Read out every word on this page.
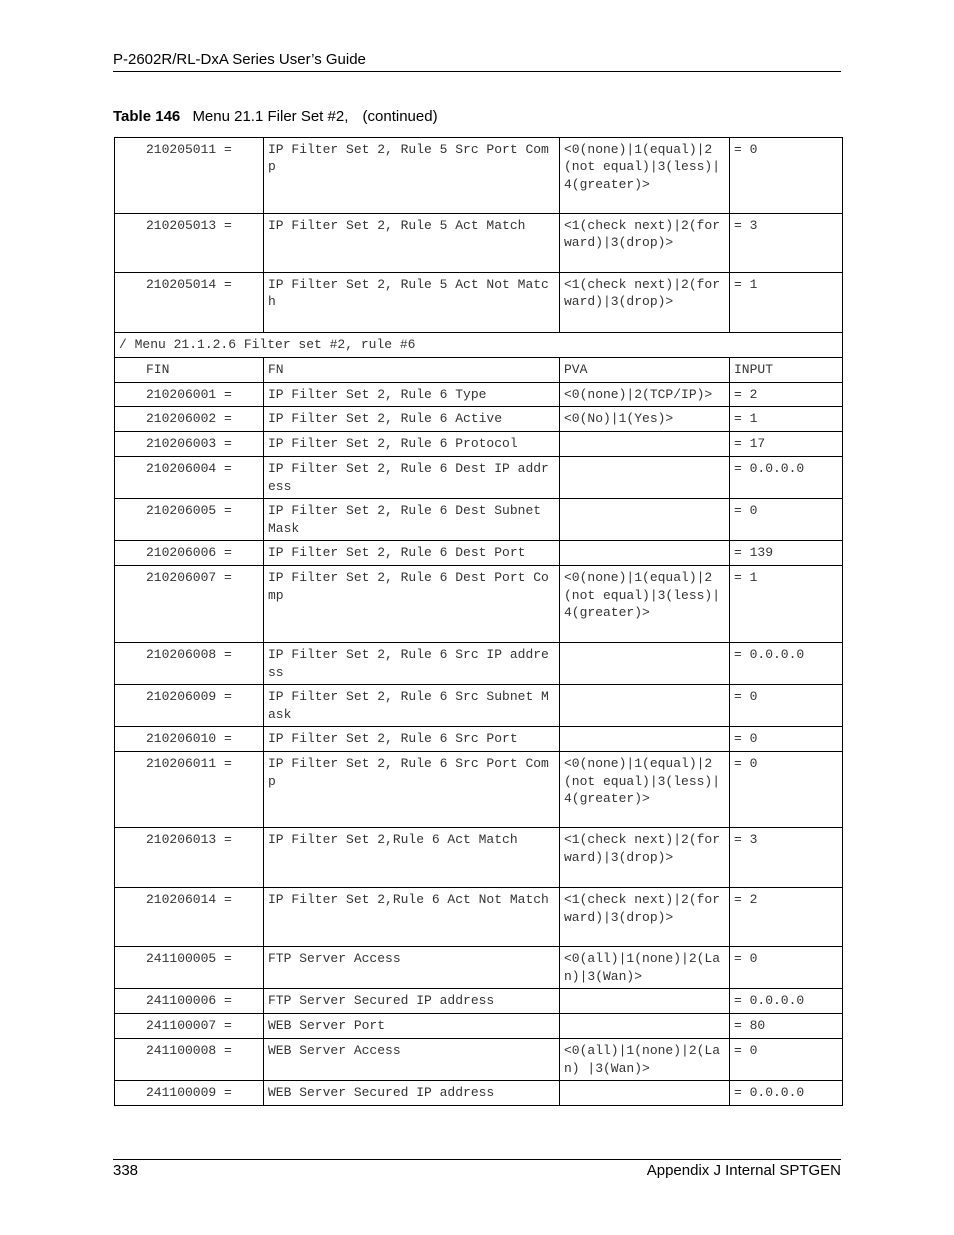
P-2602R/RL-DxA Series User’s Guide
Table 146 Menu 21.1 Filer Set #2, (continued)
210205011 =	IP Filter Set 2, Rule 5 Src Port Comp	<0(none)|1(equal)|2(not equal)|3(less)|4(greater)>	= 0
210205013 =	IP Filter Set 2, Rule 5 Act Match	<1(check next)|2(forward)|3(drop)>	= 3
210205014 =	IP Filter Set 2, Rule 5 Act Not Match	<1(check next)|2(forward)|3(drop)>	= 1
/ Menu 21.1.2.6 Filter set #2, rule #6			
FIN	FN	PVA	INPUT
210206001 =	IP Filter Set 2, Rule 6 Type	<0(none)|2(TCP/IP)>	= 2
210206002 =	IP Filter Set 2, Rule 6 Active	<0(No)|1(Yes)>	= 1
210206003 =	IP Filter Set 2, Rule 6 Protocol		= 17
210206004 =	IP Filter Set 2, Rule 6 Dest IP address		= 0.0.0.0
210206005 =	IP Filter Set 2, Rule 6 Dest Subnet Mask		= 0
210206006 =	IP Filter Set 2, Rule 6 Dest Port		= 139
210206007 =	IP Filter Set 2, Rule 6 Dest Port Comp	<0(none)|1(equal)|2(not equal)|3(less)|4(greater)>	= 1
210206008 =	IP Filter Set 2, Rule 6 Src IP address		= 0.0.0.0
210206009 =	IP Filter Set 2, Rule 6 Src Subnet Mask		= 0
210206010 =	IP Filter Set 2, Rule 6 Src Port		= 0
210206011 =	IP Filter Set 2, Rule 6 Src Port Comp	<0(none)|1(equal)|2(not equal)|3(less)|4(greater)>	= 0
210206013 =	IP Filter Set 2,Rule 6 Act Match	<1(check next)|2(forward)|3(drop)>	= 3
210206014 =	IP Filter Set 2,Rule 6 Act Not Match	<1(check next)|2(forward)|3(drop)>	= 2
241100005 =	FTP Server Access	<0(all)|1(none)|2(Lan)|3(Wan)>	= 0
241100006 =	FTP Server Secured IP address		= 0.0.0.0
241100007 =	WEB Server Port		= 80
241100008 =	WEB Server Access	<0(all)|1(none)|2(Lan) |3(Wan)>	= 0
241100009 =	WEB Server Secured IP address		= 0.0.0.0
338	Appendix J Internal SPTGEN
